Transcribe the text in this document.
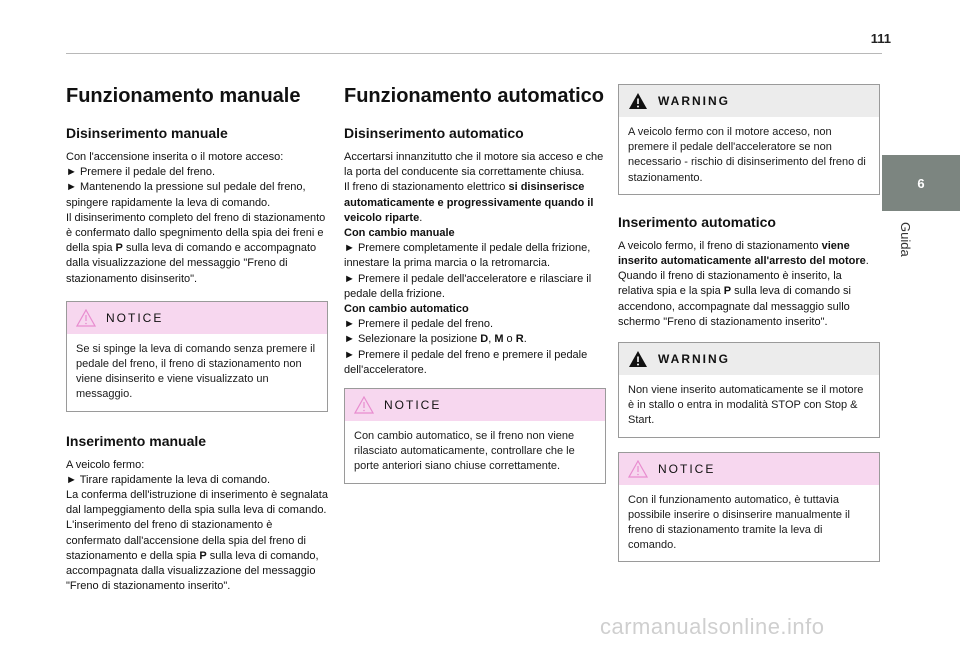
111
Funzionamento manuale
Disinserimento manuale

Con l'accensione inserita o il motore acceso:
► Premere il pedale del freno.
► Mantenendo la pressione sul pedale del freno, spingere rapidamente la leva di comando.
Il disinserimento completo del freno di stazionamento è confermato dallo spegnimento della spia dei freni e della spia P sulla leva di comando e accompagnato dalla visualizzazione del messaggio "Freno di stazionamento disinserito".

NOTICE
Se si spinge la leva di comando senza premere il pedale del freno, il freno di stazionamento non viene disinserito e viene visualizzato un messaggio.
Inserimento manuale

A veicolo fermo:
► Tirare rapidamente la leva di comando.
La conferma dell'istruzione di inserimento è segnalata dal lampeggiamento della spia sulla leva di comando.
L'inserimento del freno di stazionamento è confermato dall'accensione della spia del freno di stazionamento e della spia P sulla leva di comando, accompagnata dalla visualizzazione del messaggio "Freno di stazionamento inserito".

Funzionamento automatico
Disinserimento automatico

Accertarsi innanzitutto che il motore sia acceso e che la porta del conducente sia correttamente chiusa.
Il freno di stazionamento elettrico si disinserisce automaticamente e progressivamente quando il veicolo riparte.
Con cambio manuale
► Premere completamente il pedale della frizione, innestare la prima marcia o la retromarcia.
► Premere il pedale dell'acceleratore e rilasciare il pedale della frizione.
Con cambio automatico
► Premere il pedale del freno.
► Selezionare la posizione D, M o R.
► Premere il pedale del freno e premere il pedale dell'acceleratore.

NOTICE
Con cambio automatico, se il freno non viene rilasciato automaticamente, controllare che le porte anteriori siano chiuse correttamente.
WARNING
A veicolo fermo con il motore acceso, non premere il pedale dell'acceleratore se non necessario - rischio di disinserimento del freno di stazionamento.
Inserimento automatico

A veicolo fermo, il freno di stazionamento viene inserito automaticamente all'arresto del motore.
Quando il freno di stazionamento è inserito, la relativa spia e la spia P sulla leva di comando si accendono, accompagnate dal messaggio sullo schermo "Freno di stazionamento inserito".

WARNING
Non viene inserito automaticamente se il motore è in stallo o entra in modalità STOP con Stop & Start.
NOTICE
Con il funzionamento automatico, è tuttavia possibile inserire o disinserire manualmente il freno di stazionamento tramite la leva di comando.
6
Guida
carmanualsonline.info
